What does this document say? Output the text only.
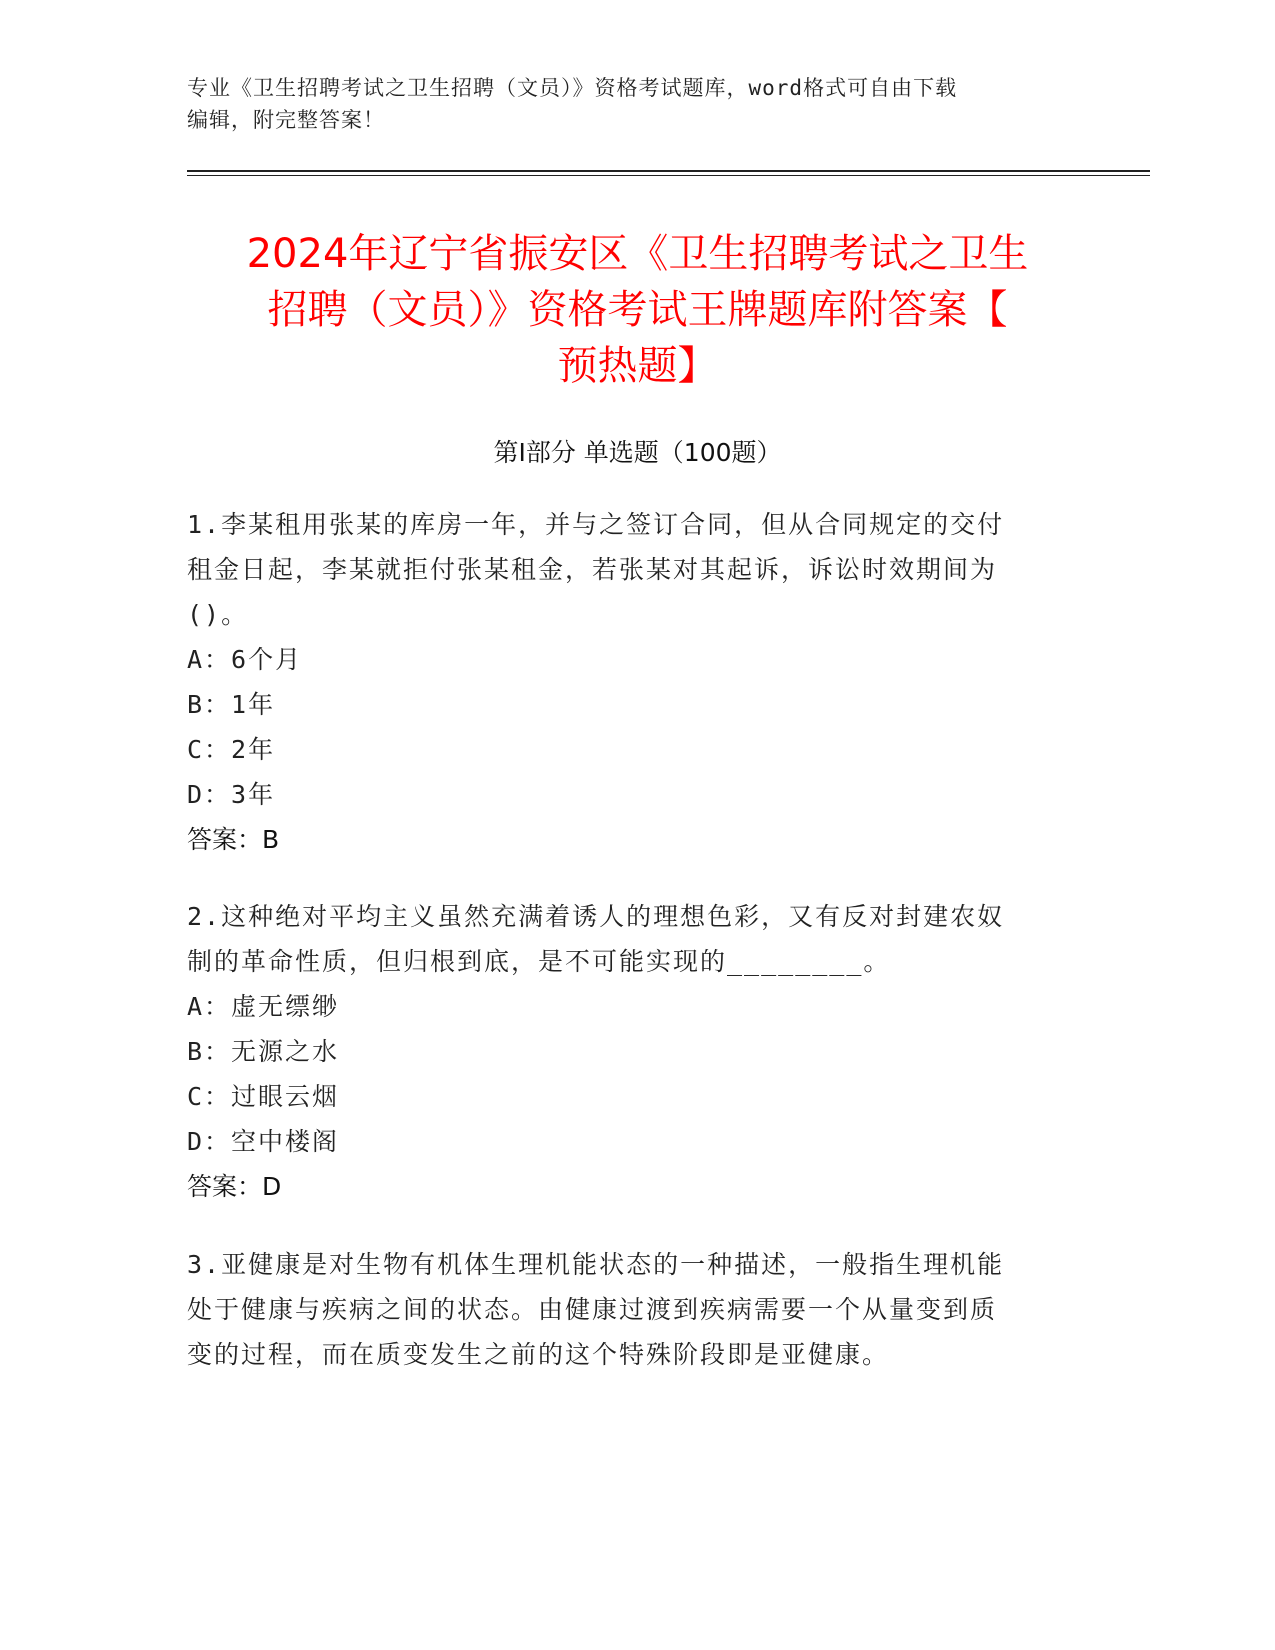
专业《卫生招聘考试之卫生招聘（文员）》资格考试题库，word格式可自由下载
编辑，附完整答案！
2024年辽宁省振安区《卫生招聘考试之卫生
招聘（文员）》资格考试王牌题库附答案【
预热题】
第I部分 单选题（100题）
1.李某租用张某的库房一年，并与之签订合同，但从合同规定的交付
租金日起，李某就拒付张某租金，若张某对其起诉，诉讼时效期间为
()。
A：6个月
B：1年
C：2年
D：3年
答案：B
2.这种绝对平均主义虽然充满着诱人的理想色彩，又有反对封建农奴
制的革命性质，但归根到底，是不可能实现的________。
A：虚无缥缈
B：无源之水
C：过眼云烟
D：空中楼阁
答案：D
3.亚健康是对生物有机体生理机能状态的一种描述，一般指生理机能
处于健康与疾病之间的状态。由健康过渡到疾病需要一个从量变到质
变的过程，而在质变发生之前的这个特殊阶段即是亚健康。
